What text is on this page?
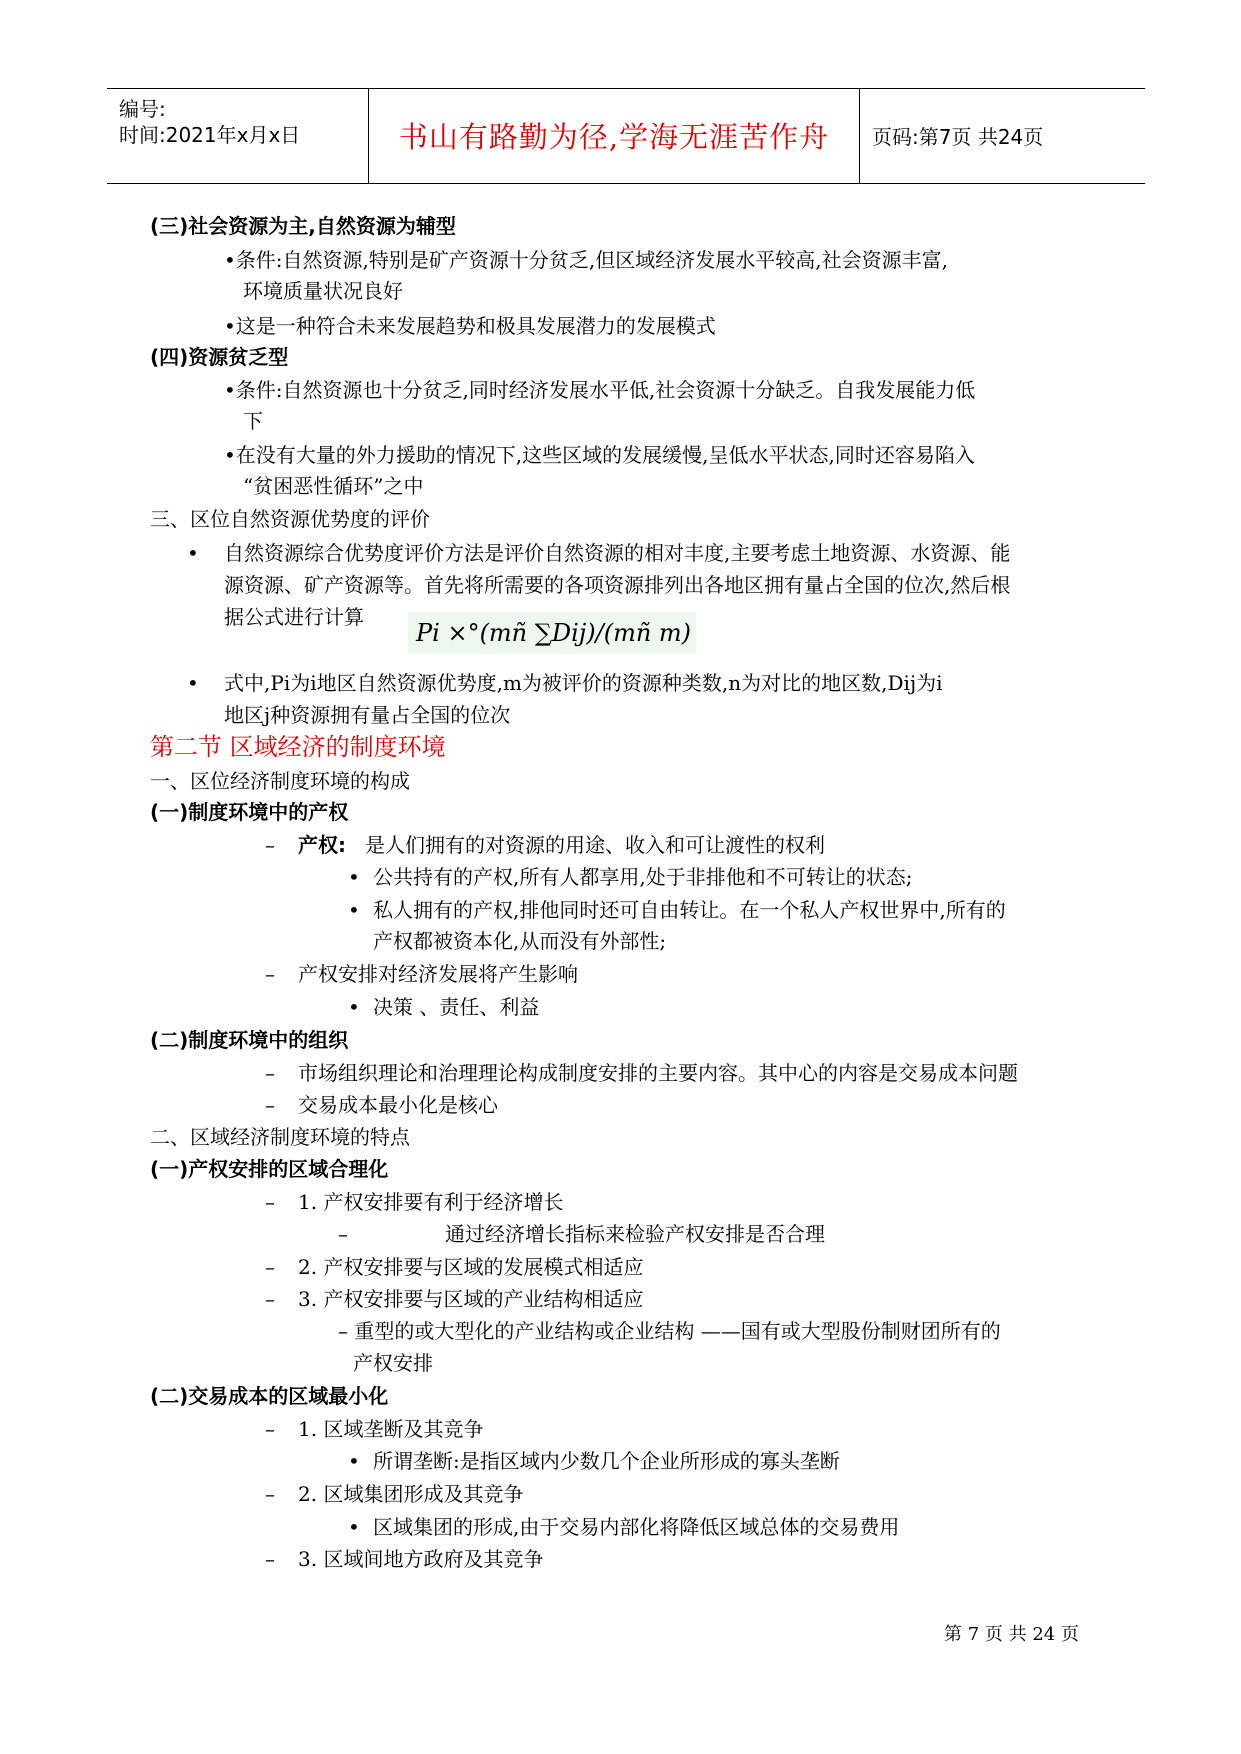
编号:
时间:2021年x月x日	书山有路勤为径,学海无涯苦作舟	页码:第7页 共24页
(三)社会资源为主,自然资源为辅型
•条件:自然资源,特别是矿产资源十分贫乏,但区域经济发展水平较高,社会资源丰富,
环境质量状况良好
•这是一种符合未来发展趋势和极具发展潜力的发展模式
(四)资源贫乏型
•条件:自然资源也十分贫乏,同时经济发展水平低,社会资源十分缺乏。自我发展能力低
下
•在没有大量的外力援助的情况下,这些区域的发展缓慢,呈低水平状态,同时还容易陷入
“贫困恶性循环”之中
三、区位自然资源优势度的评价
• 自然资源综合优势度评价方法是评价自然资源的相对丰度,主要考虑土地资源、水资源、能
源资源、矿产资源等。首先将所需要的各项资源排列出各地区拥有量占全国的位次,然后根
据公式进行计算
Pi ×°(mñ ∑Dij)/(mñ m)
• 式中,Pi为i地区自然资源优势度,m为被评价的资源种类数,n为对比的地区数,Dij为i
地区j种资源拥有量占全国的位次
第二节 区域经济的制度环境
一、区位经济制度环境的构成
(一)制度环境中的产权
– 产权: 是人们拥有的对资源的用途、收入和可让渡性的权利
• 公共持有的产权,所有人都享用,处于非排他和不可转让的状态;
• 私人拥有的产权,排他同时还可自由转让。在一个私人产权世界中,所有的
产权都被资本化,从而没有外部性;
– 产权安排对经济发展将产生影响
• 决策 、责任、利益
(二)制度环境中的组织
– 市场组织理论和治理理论构成制度安排的主要内容。其中心的内容是交易成本问题
– 交易成本最小化是核心
二、区域经济制度环境的特点
(一)产权安排的区域合理化
– 1. 产权安排要有利于经济增长
–	通过经济增长指标来检验产权安排是否合理
– 2. 产权安排要与区域的发展模式相适应
– 3. 产权安排要与区域的产业结构相适应
– 重型的或大型化的产业结构或企业结构 ——国有或大型股份制财团所有的
产权安排
(二)交易成本的区域最小化
– 1. 区域垄断及其竞争
• 所谓垄断:是指区域内少数几个企业所形成的寡头垄断
– 2. 区域集团形成及其竞争
• 区域集团的形成,由于交易内部化将降低区域总体的交易费用
– 3. 区域间地方政府及其竞争
第 7 页 共 24 页
